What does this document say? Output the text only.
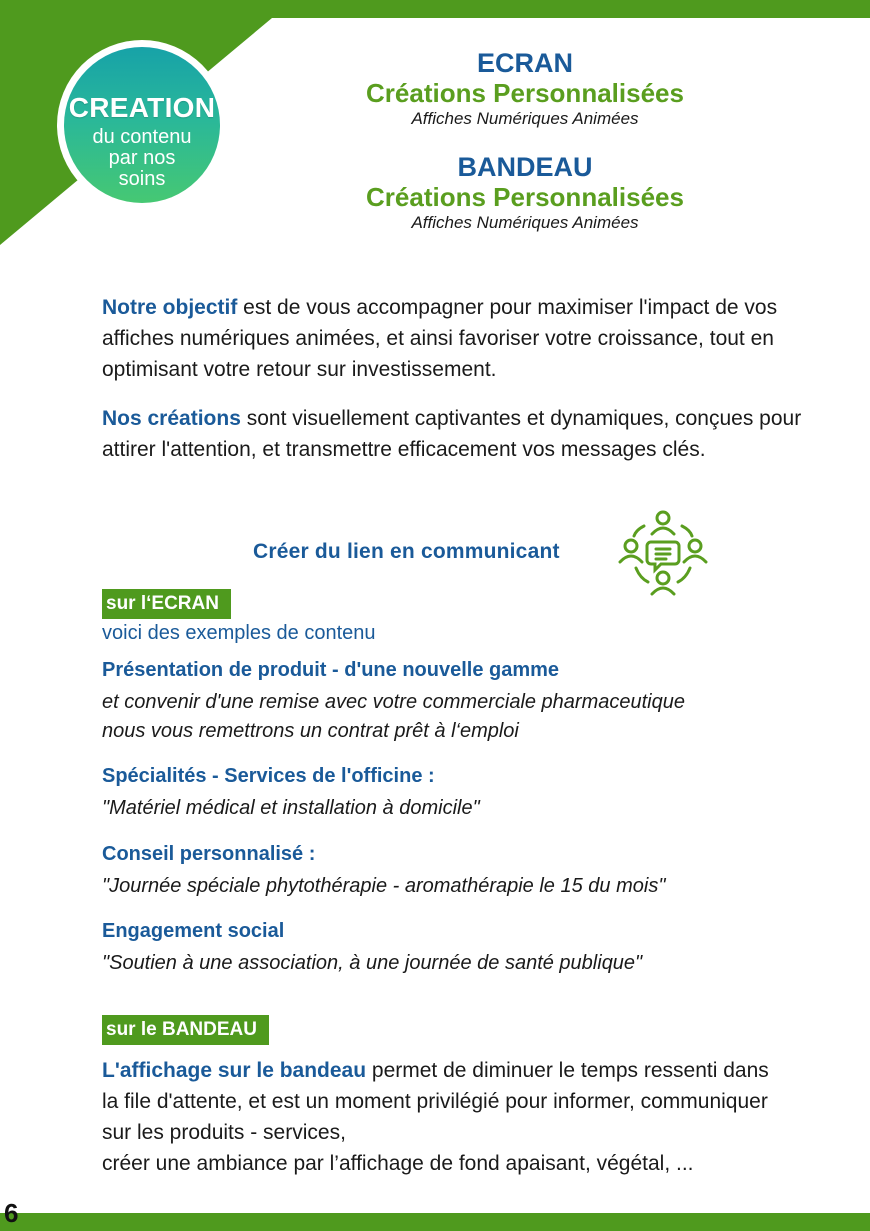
CREATION
du contenu
par nos
soins
ECRAN
Créations Personnalisées
Affiches Numériques Animées
BANDEAU
Créations Personnalisées
Affiches Numériques Animées
Notre objectif est de vous accompagner pour maximiser l'impact de vos affiches numériques animées, et ainsi favoriser votre croissance, tout en optimisant votre retour sur investissement.
Nos créations sont visuellement captivantes et dynamiques, conçues pour attirer l'attention, et transmettre efficacement vos messages clés.
Créer du lien en communicant
sur l‘ECRAN
voici des exemples de contenu
Présentation de produit - d'une nouvelle gamme
et convenir d'une remise avec votre commerciale pharmaceutique
nous vous remettrons un contrat prêt à l‘emploi
Spécialités - Services de l'officine :
"Matériel médical et installation à domicile"
Conseil personnalisé :
"Journée spéciale phytothérapie - aromathérapie le 15 du mois"
Engagement social
"Soutien à une association, à une journée de santé publique"
sur le BANDEAU
L'affichage sur le bandeau permet de diminuer le temps ressenti dans la file d'attente, et est un moment privilégié pour informer, communiquer sur les produits - services,
créer une ambiance par l’affichage de fond apaisant, végétal, ...
6
